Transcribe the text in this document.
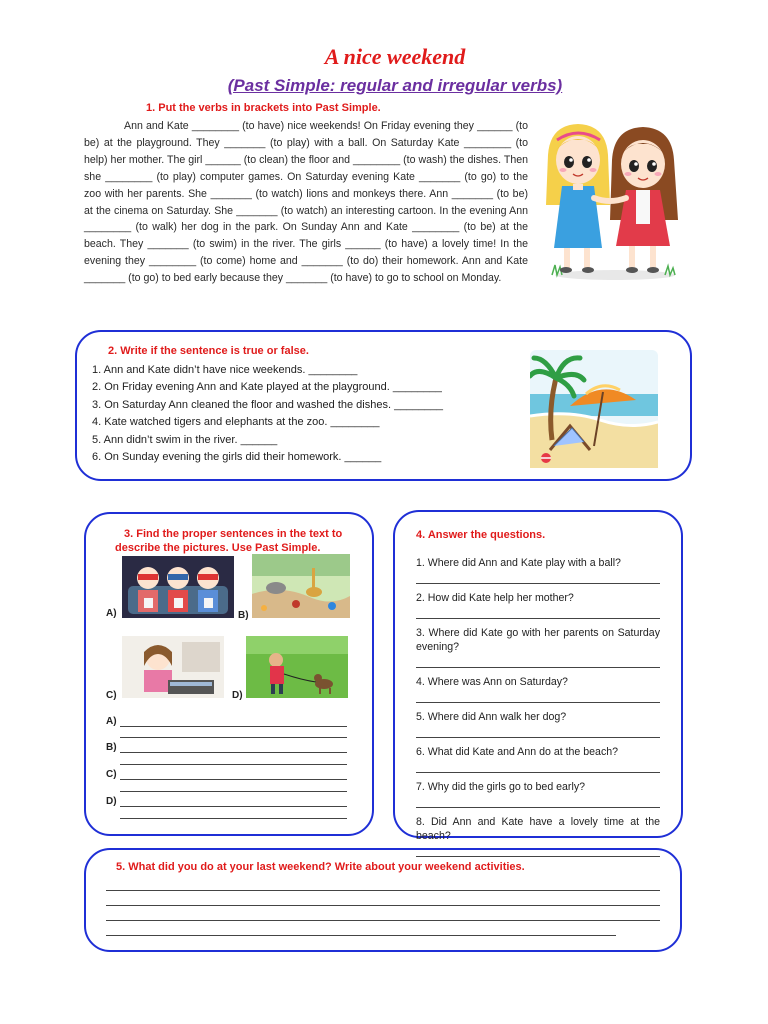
A nice weekend
(Past Simple: regular and irregular verbs)
1. Put the verbs in brackets into Past Simple.

Ann and Kate ________ (to have) nice weekends! On Friday evening they ______ (to be) at the playground. They _______ (to play) with a ball. On Saturday Kate ________ (to help) her mother. The girl ______ (to clean) the floor and ________ (to wash) the dishes. Then she ________ (to play) computer games. On Saturday evening Kate _______ (to go) to the zoo with her parents. She _______ (to watch) lions and monkeys there. Ann _______ (to be) at the cinema on Saturday. She _______ (to watch) an interesting cartoon. In the evening Ann ________ (to walk) her dog in the park. On Sunday Ann and Kate ________ (to be) at the beach. They _______ (to swim) in the river. The girls ______ (to have) a lovely time! In the evening they ________ (to come) home and _______ (to do) their homework. Ann and Kate _______ (to go) to bed early because they _______ (to have) to go to school on Monday.

2. Write if the sentence is true or false.
1. Ann and Kate didn’t have nice weekends. ________
2. On Friday evening Ann and Kate played at the playground. ________
3. On Saturday Ann cleaned the floor and washed the dishes. ________
4. Kate watched tigers and elephants at the zoo. ________
5. Ann didn’t swim in the river. ______
6. On Sunday evening the girls did their homework. ______
3. Find the proper sentences in the text to
describe the pictures. Use Past Simple.
A)	B)
C)	D)
A)
B)
C)
D)
4. Answer the questions.
1. Where did Ann and Kate play with a ball?
2. How did Kate help her mother?
3. Where did Kate go with her parents on Saturday evening?
4. Where was Ann on Saturday?
5. Where did Ann walk her dog?
6. What did Kate and Ann do at the beach?
7. Why did the girls go to bed early?
8. Did Ann and Kate have a lovely time at the beach?
5. What did you do at your last weekend? Write about your weekend activities.
